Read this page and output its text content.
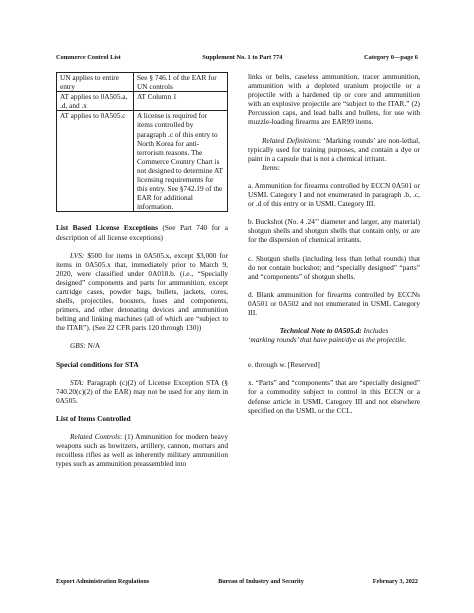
Commerce Control List	Supplement No. 1 to Part 774	Category 0—page 6
UN applies to entire entry	See § 746.1 of the EAR for UN controls
AT applies to 0A505.a, .d, and .x	AT Column 1
AT applies to 0A505.c	A license is required for items controlled by paragraph .c of this entry to North Korea for anti-terrorism reasons. The Commerce Country Chart is not designed to determine AT licensing requirements for this entry. See §742.19 of the EAR for additional information.

List Based License Exceptions (See Part 740 for a description of all license exceptions)

LVS: $500 for items in 0A505.x, except $3,000 for items in 0A505.x that, immediately prior to March 9, 2020, were classified under 0A018.b. (i.e., “Specially designed” components and parts for ammunition, except cartridge cases, powder bags, bullets, jackets, cores, shells, projectiles, boosters, fuses and components, primers, and other detonating devices and ammunition belting and linking machines (all of which are “subject to the ITAR”). (See 22 CFR parts 120 through 130))

GBS: N/A

Special conditions for STA

STA: Paragraph (c)(2) of License Exception STA (§ 740.20(c)(2) of the EAR) may not be used for any item in 0A505.

List of Items Controlled

Related Controls: (1) Ammunition for modern heavy weapons such as howitzers, artillery, cannon, mortars and recoilless rifles as well as inherently military ammunition types such as ammunition preassembled into

links or belts, caseless ammunition, tracer ammunition, ammunition with a depleted uranium projectile or a projectile with a hardened tip or core and ammunition with an explosive projectile are “subject to the ITAR.” (2) Percussion caps, and lead balls and bullets, for use with muzzle-loading firearms are EAR99 items.

Related Definitions: ‘Marking rounds’ are non-lethal, typically used for training purposes, and contain a dye or paint in a capsule that is not a chemical irritant.
Items:

a. Ammunition for firearms controlled by ECCN 0A501 or USML Category I and not enumerated in paragraph .b, .c, or .d of this entry or in USML Category III.

b. Buckshot (No. 4 .24’’ diameter and larger, any material) shotgun shells and shotgun shells that contain only, or are for the dispersion of chemical irritants.

c. Shotgun shells (including less than lethal rounds) that do not contain buckshot; and “specially designed” “parts” and “components” of shotgun shells.

d. Blank ammunition for firearms controlled by ECCNs 0A501 or 0A502 and not enumerated in USML Category III.

Technical Note to 0A505.d: Includes

‘marking rounds’ that have paint/dye as the projectile.

e. through w. [Reserved]

x. “Parts” and “components” that are “specially designed” for a commodity subject to control in this ECCN or a defense article in USML Category III and not elsewhere specified on the USML or the CCL.

Export Administration Regulations	Bureau of Industry and Security	February 3, 2022
